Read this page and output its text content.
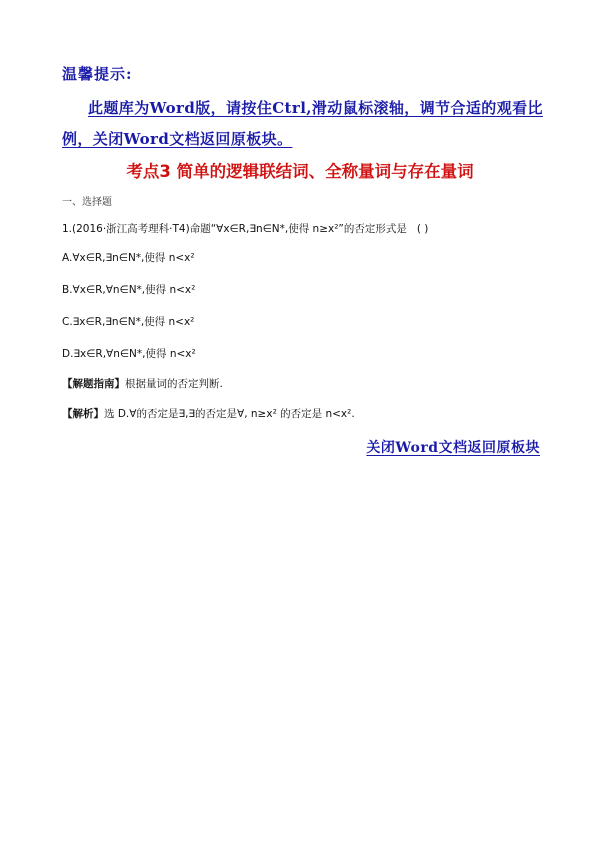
温馨提示:
此题库为Word版，请按住Ctrl,滑动鼠标滚轴，调节合适的观看比例，关闭Word文档返回原板块。
考点3 简单的逻辑联结词、全称量词与存在量词
一、选择题
1.(2016·浙江高考理科·T4)命题“∀x∈R,∃n∈N*,使得 n≥x²”的否定形式是 ( )
A.∀x∈R,∃n∈N*,使得 n<x²
B.∀x∈R,∀n∈N*,使得 n<x²
C.∃x∈R,∃n∈N*,使得 n<x²
D.∃x∈R,∀n∈N*,使得 n<x²
【解题指南】根据量词的否定判断.
【解析】选 D.∀的否定是∃,∃的否定是∀, n≥x² 的否定是 n<x².
关闭Word文档返回原板块
